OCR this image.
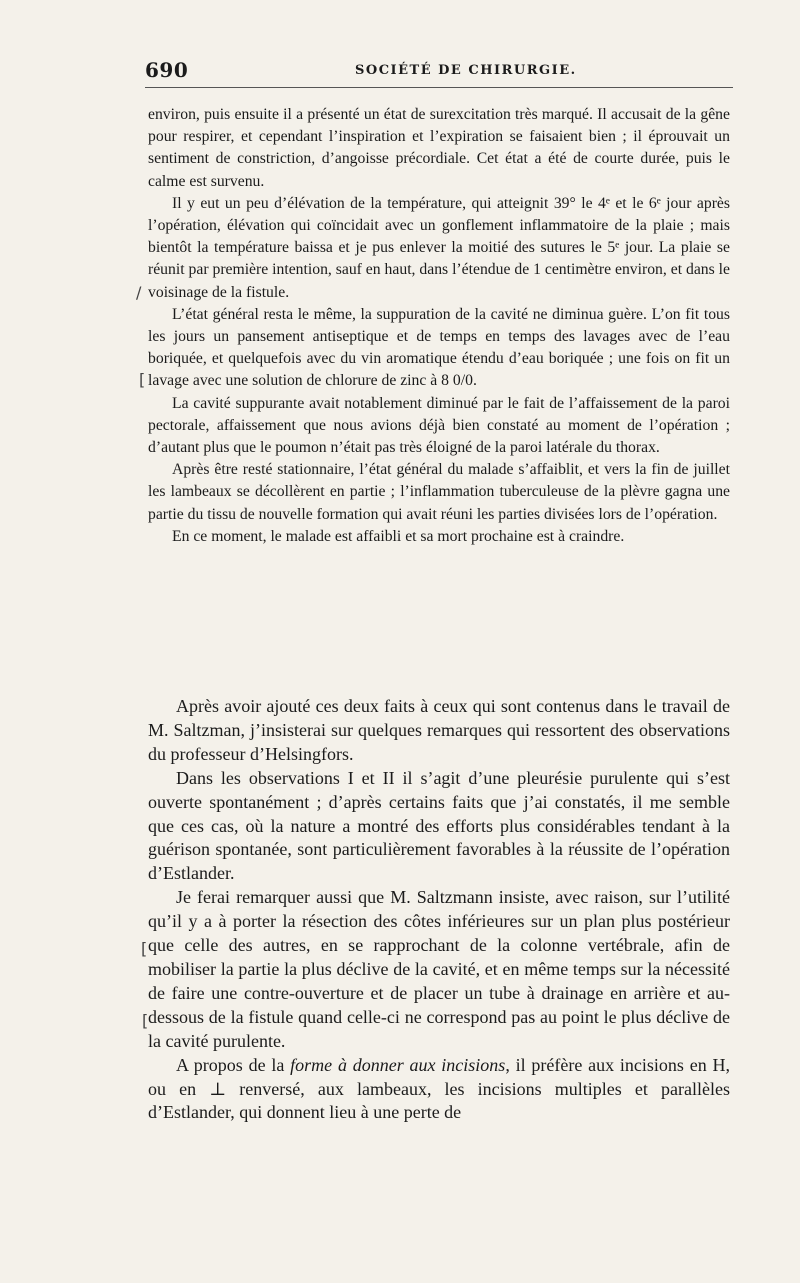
690	SOCIÉTÉ DE CHIRURGIE.

environ, puis ensuite il a présenté un état de surexcitation très marqué. Il accusait de la gêne pour respirer, et cependant l’inspiration et l’expiration se faisaient bien ; il éprouvait un sentiment de constriction, d’angoisse précordiale. Cet état a été de courte durée, puis le calme est survenu.

Il y eut un peu d’élévation de la température, qui atteignit 39° le 4ᵉ et le 6ᵉ jour après l’opération, élévation qui coïncidait avec un gonflement inflammatoire de la plaie ; mais bientôt la température baissa et je pus enlever la moitié des sutures le 5ᵉ jour. La plaie se réunit par première intention, sauf en haut, dans l’étendue de 1 centimètre environ, et dans le voisinage de la fistule.

L’état général resta le même, la suppuration de la cavité ne diminua guère. L’on fit tous les jours un pansement antiseptique et de temps en temps des lavages avec de l’eau boriquée, et quelquefois avec du vin aromatique étendu d’eau boriquée ; une fois on fit un lavage avec une solution de chlorure de zinc à 8 0/0.

La cavité suppurante avait notablement diminué par le fait de l’affaissement de la paroi pectorale, affaissement que nous avions déjà bien constaté au moment de l’opération ; d’autant plus que le poumon n’était pas très éloigné de la paroi latérale du thorax.

Après être resté stationnaire, l’état général du malade s’affaiblit, et vers la fin de juillet les lambeaux se décollèrent en partie ; l’inflammation tuberculeuse de la plèvre gagna une partie du tissu de nouvelle formation qui avait réuni les parties divisées lors de l’opération.

En ce moment, le malade est affaibli et sa mort prochaine est à craindre.

Après avoir ajouté ces deux faits à ceux qui sont contenus dans le travail de M. Saltzman, j’insisterai sur quelques remarques qui ressortent des observations du professeur d’Helsingfors.

Dans les observations I et II il s’agit d’une pleurésie purulente qui s’est ouverte spontanément ; d’après certains faits que j’ai constatés, il me semble que ces cas, où la nature a montré des efforts plus considérables tendant à la guérison spontanée, sont particulièrement favorables à la réussite de l’opération d’Estlander.

Je ferai remarquer aussi que M. Saltzmann insiste, avec raison, sur l’utilité qu’il y a à porter la résection des côtes inférieures sur un plan plus postérieur que celle des autres, en se rapprochant de la colonne vertébrale, afin de mobiliser la partie la plus déclive de la cavité, et en même temps sur la nécessité de faire une contre-ouverture et de placer un tube à drainage en arrière et au-dessous de la fistule quand celle-ci ne correspond pas au point le plus déclive de la cavité purulente.

A propos de la forme à donner aux incisions, il préfère aux incisions en H, ou en ⊥ renversé, aux lambeaux, les incisions multiples et parallèles d’Estlander, qui donnent lieu à une perte de

/
[
[
[
